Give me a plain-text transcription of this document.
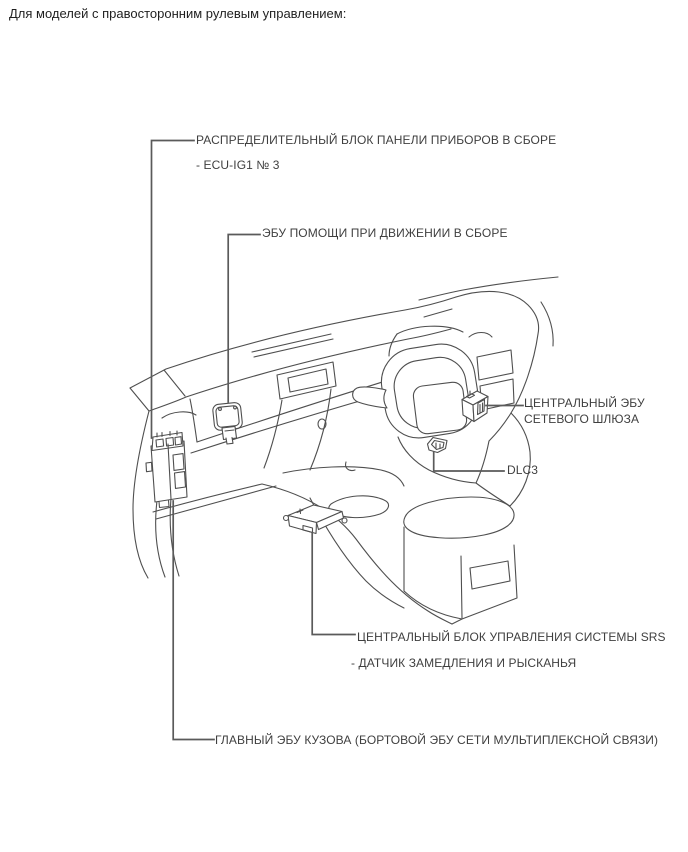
Для моделей с правосторонним рулевым управлением:
РАСПРЕДЕЛИТЕЛЬНЫЙ БЛОК ПАНЕЛИ ПРИБОРОВ В СБОРЕ
- ECU-IG1 № 3
ЭБУ ПОМОЩИ ПРИ ДВИЖЕНИИ В СБОРЕ
ЦЕНТРАЛЬНЫЙ ЭБУ
СЕТЕВОГО ШЛЮЗА
DLC3
ЦЕНТРАЛЬНЫЙ БЛОК УПРАВЛЕНИЯ СИСТЕМЫ SRS
- ДАТЧИК ЗАМЕДЛЕНИЯ И РЫСКАНЬЯ
ГЛАВНЫЙ ЭБУ КУЗОВА (БОРТОВОЙ ЭБУ СЕТИ МУЛЬТИПЛЕКСНОЙ СВЯЗИ)
